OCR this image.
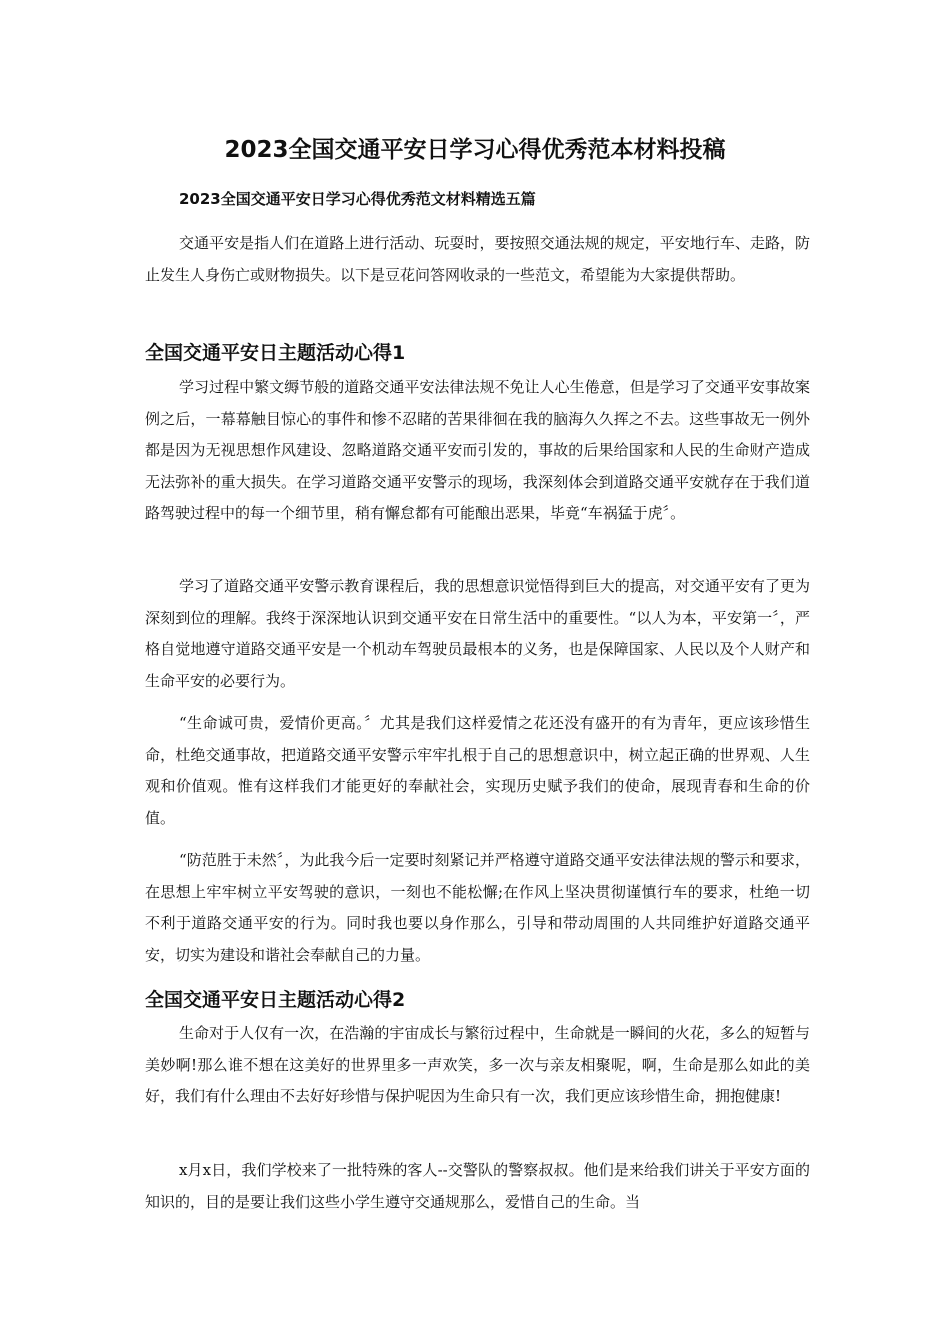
2023全国交通平安日学习心得优秀范本材料投稿

2023全国交通平安日学习心得优秀范文材料精选五篇

交通平安是指人们在道路上进行活动、玩耍时，要按照交通法规的规定，平安地行车、走路，防止发生人身伤亡或财物损失。以下是豆花问答网收录的一些范文，希望能为大家提供帮助。

全国交通平安日主题活动心得1

学习过程中繁文缛节般的道路交通平安法律法规不免让人心生倦意，但是学习了交通平安事故案例之后，一幕幕触目惊心的事件和惨不忍睹的苦果徘徊在我的脑海久久挥之不去。这些事故无一例外都是因为无视思想作风建设、忽略道路交通平安而引发的，事故的后果给国家和人民的生命财产造成无法弥补的重大损失。在学习道路交通平安警示的现场，我深刻体会到道路交通平安就存在于我们道路驾驶过程中的每一个细节里，稍有懈怠都有可能酿出恶果，毕竟“车祸猛于虎〞。

学习了道路交通平安警示教育课程后，我的思想意识觉悟得到巨大的提高，对交通平安有了更为深刻到位的理解。我终于深深地认识到交通平安在日常生活中的重要性。“以人为本，平安第一〞，严格自觉地遵守道路交通平安是一个机动车驾驶员最根本的义务，也是保障国家、人民以及个人财产和生命平安的必要行为。

“生命诚可贵，爱情价更高。〞尤其是我们这样爱情之花还没有盛开的有为青年，更应该珍惜生命，杜绝交通事故，把道路交通平安警示牢牢扎根于自己的思想意识中，树立起正确的世界观、人生观和价值观。惟有这样我们才能更好的奉献社会，实现历史赋予我们的使命，展现青春和生命的价值。

“防范胜于未然〞，为此我今后一定要时刻紧记并严格遵守道路交通平安法律法规的警示和要求，在思想上牢牢树立平安驾驶的意识，一刻也不能松懈;在作风上坚决贯彻谨慎行车的要求，杜绝一切不利于道路交通平安的行为。同时我也要以身作那么，引导和带动周围的人共同维护好道路交通平安，切实为建设和谐社会奉献自己的力量。

全国交通平安日主题活动心得2

生命对于人仅有一次，在浩瀚的宇宙成长与繁衍过程中，生命就是一瞬间的火花，多么的短暂与美妙啊!那么谁不想在这美好的世界里多一声欢笑，多一次与亲友相聚呢，啊，生命是那么如此的美好，我们有什么理由不去好好珍惜与保护呢因为生命只有一次，我们更应该珍惜生命，拥抱健康!

x月x日，我们学校来了一批特殊的客人--交警队的警察叔叔。他们是来给我们讲关于平安方面的知识的，目的是要让我们这些小学生遵守交通规那么，爱惜自己的生命。当
